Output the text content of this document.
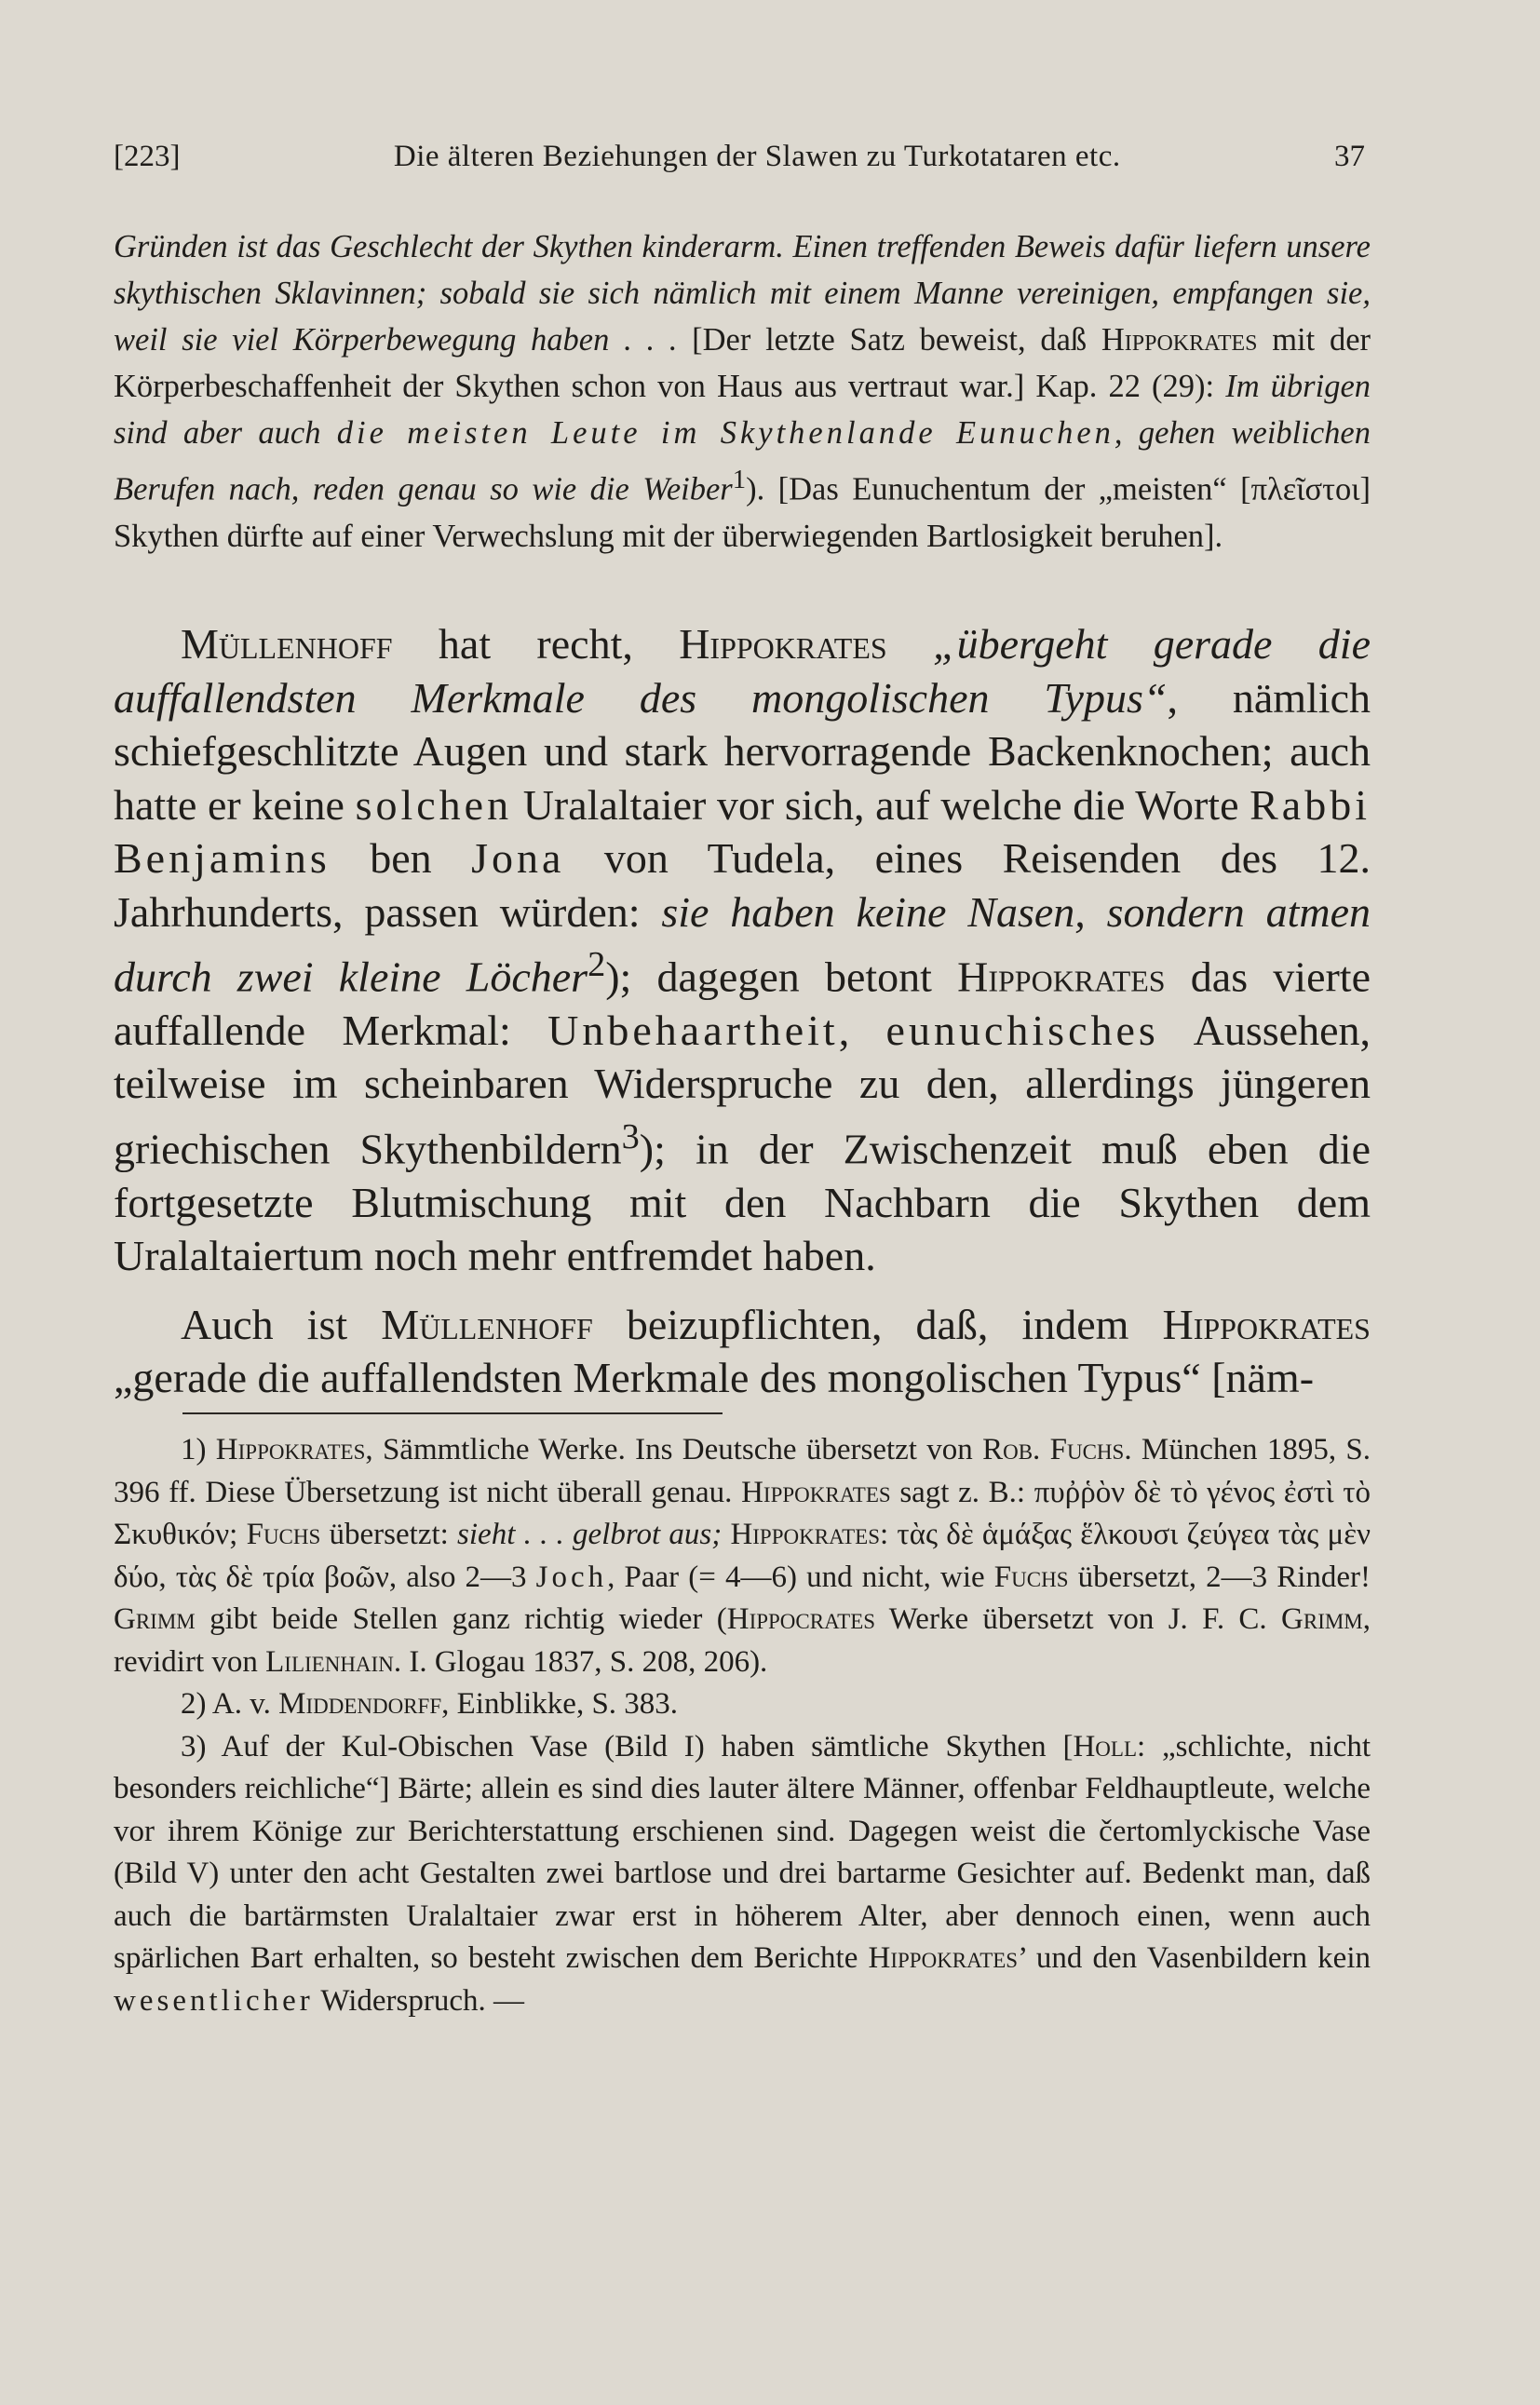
[223]	Die älteren Beziehungen der Slawen zu Turkotataren etc.	37

Gründen ist das Geschlecht der Skythen kinderarm. Einen treffenden Beweis dafür liefern unsere skythischen Sklavinnen; sobald sie sich nämlich mit einem Manne vereinigen, empfangen sie, weil sie viel Körperbewegung haben . . . [Der letzte Satz beweist, daß Hippokrates mit der Körperbeschaffenheit der Skythen schon von Haus aus vertraut war.] Kap. 22 (29): Im übrigen sind aber auch die meisten Leute im Skythenlande Eunuchen, gehen weiblichen Berufen nach, reden genau so wie die Weiber$^1$). [Das Eunuchentum der „meisten“ [πλεῖστοι] Skythen dürfte auf einer Verwechslung mit der überwiegenden Bartlosigkeit beruhen].

Müllenhoff hat recht, Hippokrates „übergeht gerade die auffallendsten Merkmale des mongolischen Typus“, nämlich schiefgeschlitzte Augen und stark hervorragende Backenknochen; auch hatte er keine solchen Uralaltaier vor sich, auf welche die Worte Rabbi Benjamins ben Jona von Tudela, eines Reisenden des 12. Jahrhunderts, passen würden: sie haben keine Nasen, sondern atmen durch zwei kleine Löcher$^2$); dagegen betont Hippokrates das vierte auffallende Merkmal: Unbehaartheit, eunuchisches Aussehen, teilweise im scheinbaren Widerspruche zu den, allerdings jüngeren griechischen Skythenbildern$^3$); in der Zwischenzeit muß eben die fortgesetzte Blutmischung mit den Nachbarn die Skythen dem Uralaltaiertum noch mehr entfremdet haben.

Auch ist Müllenhoff beizupflichten, daß, indem Hippokrates „gerade die auffallendsten Merkmale des mongolischen Typus“ [näm-

1) Hippokrates, Sämmtliche Werke. Ins Deutsche übersetzt von Rob. Fuchs. München 1895, S. 396 ff. Diese Übersetzung ist nicht überall genau. Hippokrates sagt z. B.: πυῤῥὸν δὲ τὸ γένος ἐστὶ τὸ Σκυθικόν; Fuchs übersetzt: sieht . . . gelbrot aus; Hippokrates: τὰς δὲ ἁμάξας ἕλκουσι ζεύγεα τὰς μὲν δύο, τὰς δὲ τρία βοῶν, also 2—3 Joch, Paar (= 4—6) und nicht, wie Fuchs übersetzt, 2—3 Rinder! Grimm gibt beide Stellen ganz richtig wieder (Hippocrates Werke übersetzt von J. F. C. Grimm, revidirt von Lilienhain. I. Glogau 1837, S. 208, 206).

2) A. v. Middendorff, Einblikke, S. 383.

3) Auf der Kul-Obischen Vase (Bild I) haben sämtliche Skythen [Holl: „schlichte, nicht besonders reichliche“] Bärte; allein es sind dies lauter ältere Männer, offenbar Feldhauptleute, welche vor ihrem Könige zur Berichterstattung erschienen sind. Dagegen weist die čertomlyckische Vase (Bild V) unter den acht Gestalten zwei bartlose und drei bartarme Gesichter auf. Bedenkt man, daß auch die bartärmsten Uralaltaier zwar erst in höherem Alter, aber dennoch einen, wenn auch spärlichen Bart erhalten, so besteht zwischen dem Berichte Hippokrates’ und den Vasenbildern kein wesentlicher Widerspruch. —
